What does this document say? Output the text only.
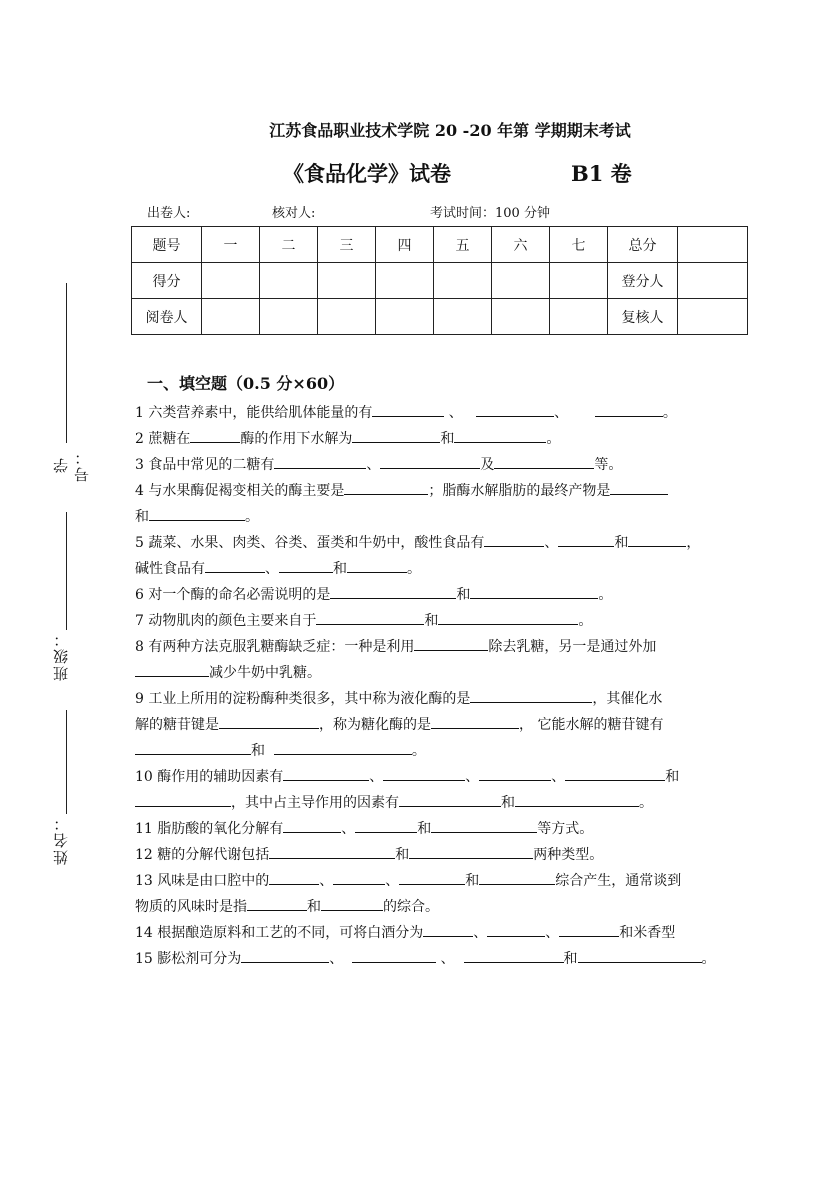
学号：
班级：
姓名：
江苏食品职业技术学院 20 -20 年第 学期期末考试
《食品化学》试卷	B1 卷
出卷人:	核对人:	考试时间：100 分钟
题号	一	二	三	四	五	六	七	总分	
得分								登分人	
阅卷人								复核人	
一、填空题（0.5 分×60）
1 六类营养素中，能供给肌体能量的有	、	、	。
2 蔗糖在	酶的作用下水解为	和	。
3 食品中常见的二糖有	、	及	等。
4 与水果酶促褐变相关的酶主要是	；脂酶水解脂肪的最终产物是
和	。
5 蔬菜、水果、肉类、谷类、蛋类和牛奶中，酸性食品有	、	和	，
碱性食品有	、	和	。
6 对一个酶的命名必需说明的是	和	。
7 动物肌肉的颜色主要来自于	和	。
8 有两种方法克服乳糖酶缺乏症：一种是利用	除去乳糖，另一是通过外加
减少牛奶中乳糖。
9 工业上所用的淀粉酶种类很多，其中称为液化酶的是	，其催化水
解的糖苷键是	，称为糖化酶的是	， 它能水解的糖苷键有
和	。
10 酶作用的辅助因素有	、	、	、	和
，其中占主导作用的因素有	和	。
11 脂肪酸的氧化分解有	、	和	等方式。
12 糖的分解代谢包括	和	两种类型。
13 风味是由口腔中的	、	、	和	综合产生，通常谈到
物质的风味时是指	和	的综合。
14 根据酿造原料和工艺的不同，可将白酒分为	、	、	和米香型
15 膨松剂可分为	、	、	和	。
